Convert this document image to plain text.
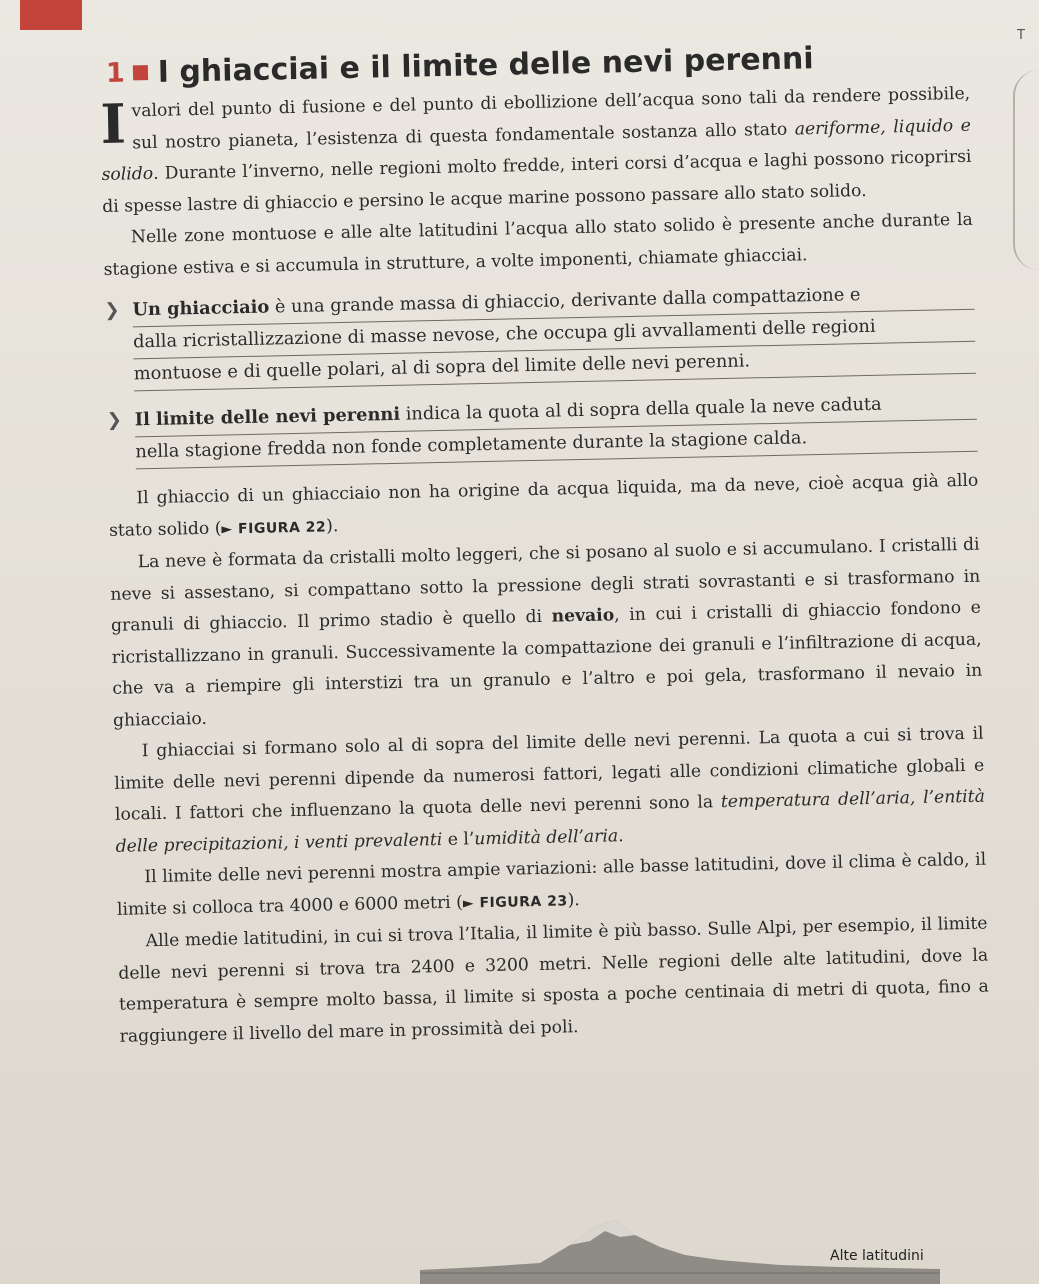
T
1 I ghiacciai e il limite delle nevi perenni

Ivalori del punto di fusione e del punto di ebollizione dell’acqua sono tali da rendere possibile, sul nostro pianeta, l’esistenza di questa fondamentale sostanza allo stato aeriforme, liquido e solido. Durante l’inverno, nelle regioni molto fredde, interi corsi d’acqua e laghi possono ricoprirsi di spesse lastre di ghiaccio e persino le acque marine possono passare allo stato solido.

Nelle zone montuose e alle alte latitudini l’acqua allo stato solido è presente anche durante la stagione estiva e si accumula in strutture, a volte imponenti, chiamate ghiacciai.

❯ Un ghiacciaio è una grande massa di ghiaccio, derivante dalla compattazione e
dalla ricristallizzazione di masse nevose, che occupa gli avvallamenti delle regioni
montuose e di quelle polari, al di sopra del limite delle nevi perenni.
❯ Il limite delle nevi perenni indica la quota al di sopra della quale la neve caduta
nella stagione fredda non fonde completamente durante la stagione calda.

Il ghiaccio di un ghiacciaio non ha origine da acqua liquida, ma da neve, cioè acqua già allo stato solido (► FIGURA 22).

La neve è formata da cristalli molto leggeri, che si posano al suolo e si accumulano. I cristalli di neve si assestano, si compattano sotto la pressione degli strati sovrastanti e si trasformano in granuli di ghiaccio. Il primo stadio è quello di nevaio, in cui i cristalli di ghiaccio fondono e ricristallizzano in granuli. Successivamente la compattazione dei granuli e l’infiltrazione di acqua, che va a riempire gli interstizi tra un granulo e l’altro e poi gela, trasformano il nevaio in ghiacciaio.

I ghiacciai si formano solo al di sopra del limite delle nevi perenni. La quota a cui si trova il limite delle nevi perenni dipende da numerosi fattori, legati alle condizioni climatiche globali e locali. I fattori che influenzano la quota delle nevi perenni sono la temperatura dell’aria, l’entità delle precipitazioni, i venti prevalenti e l’umidità dell’aria.

Il limite delle nevi perenni mostra ampie variazioni: alle basse latitudini, dove il clima è caldo, il limite si colloca tra 4000 e 6000 metri (► FIGURA 23).

Alle medie latitudini, in cui si trova l’Italia, il limite è più basso. Sulle Alpi, per esempio, il limite delle nevi perenni si trova tra 2400 e 3200 metri. Nelle regioni delle alte latitudini, dove la temperatura è sempre molto bassa, il limite si sposta a poche centinaia di metri di quota, fino a raggiungere il livello del mare in prossimità dei poli.

Alte latitudini
